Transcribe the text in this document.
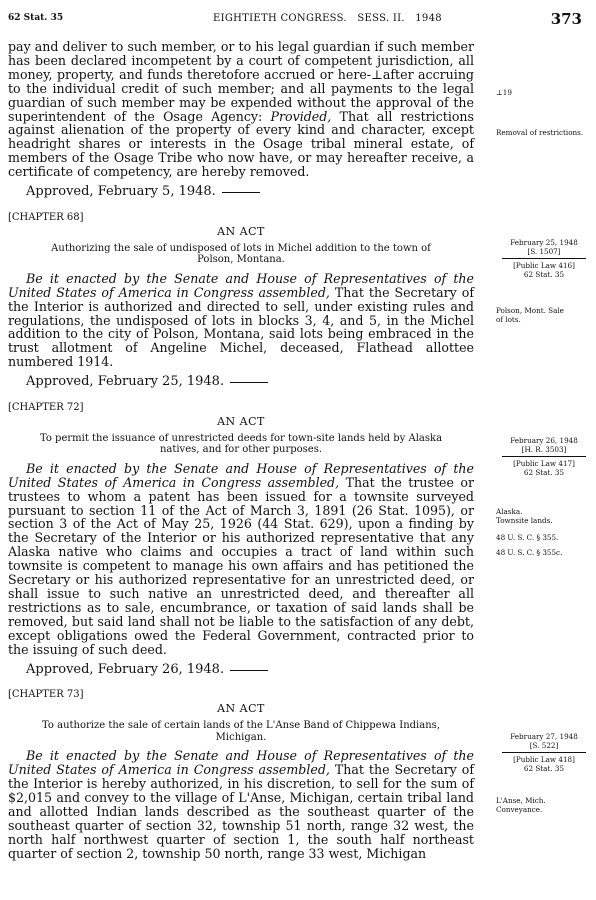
62 Stat. 35	EIGHTIETH CONGRESS.   SESS. II.   1948	373

pay and deliver to such member, or to his legal guardian if such member has been declared incompetent by a court of competent jurisdiction, all money, property, and funds theretofore accrued or here-⊥after accruing to the individual credit of such member; and all payments to the legal guardian of such member may be expended without the approval of the superintendent of the Osage Agency: Provided, That all restrictions against alienation of the property of every kind and character, except headright shares or interests in the Osage tribal mineral estate, of members of the Osage Tribe who now have, or may hereafter receive, a certificate of competency, are hereby removed.

Approved, February 5, 1948.

[CHAPTER 68]

AN ACT

Authorizing the sale of undisposed of lots in Michel addition to the town of Polson, Montana.

Be it enacted by the Senate and House of Representatives of the United States of America in Congress assembled, That the Secretary of the Interior is authorized and directed to sell, under existing rules and regulations, the undisposed of lots in blocks 3, 4, and 5, in the Michel addition to the city of Polson, Montana, said lots being embraced in the trust allotment of Angeline Michel, deceased, Flathead allottee numbered 1914.

Approved, February 25, 1948.

[CHAPTER 72]

AN ACT

To permit the issuance of unrestricted deeds for town-site lands held by Alaska natives, and for other purposes.

Be it enacted by the Senate and House of Representatives of the United States of America in Congress assembled, That the trustee or trustees to whom a patent has been issued for a townsite surveyed pursuant to section 11 of the Act of March 3, 1891 (26 Stat. 1095), or section 3 of the Act of May 25, 1926 (44 Stat. 629), upon a finding by the Secretary of the Interior or his authorized representative that any Alaska native who claims and occupies a tract of land within such townsite is competent to manage his own affairs and has petitioned the Secretary or his authorized representative for an unrestricted deed, or shall issue to such native an unrestricted deed, and thereafter all restrictions as to sale, encumbrance, or taxation of said lands shall be removed, but said land shall not be liable to the satisfaction of any debt, except obligations owed the Federal Government, contracted prior to the issuing of such deed.

Approved, February 26, 1948.

[CHAPTER 73]

AN ACT

To authorize the sale of certain lands of the L'Anse Band of Chippewa Indians, Michigan.

Be it enacted by the Senate and House of Representatives of the United States of America in Congress assembled, That the Secretary of the Interior is hereby authorized, in his discretion, to sell for the sum of $2,015 and convey to the village of L'Anse, Michigan, certain tribal land and allotted Indian lands described as the southeast quarter of the southeast quarter of section 32, township 51 north, range 32 west, the north half northwest quarter of section 1, the south half northeast quarter of section 2, township 50 north, range 33 west, Michigan

⊥19
Removal of restrictions.
February 25, 1948
[S. 1507]
[Public Law 416]
62 Stat. 35
Polson, Mont. Sale of lots.
February 26, 1948
[H. R. 3503]
[Public Law 417]
62 Stat. 35
Alaska. Townsite lands.
48 U. S. C. § 355.
48 U. S. C. § 355c.
February 27, 1948
[S. 522]
[Public Law 418]
62 Stat. 35
L'Anse, Mich. Conveyance.
